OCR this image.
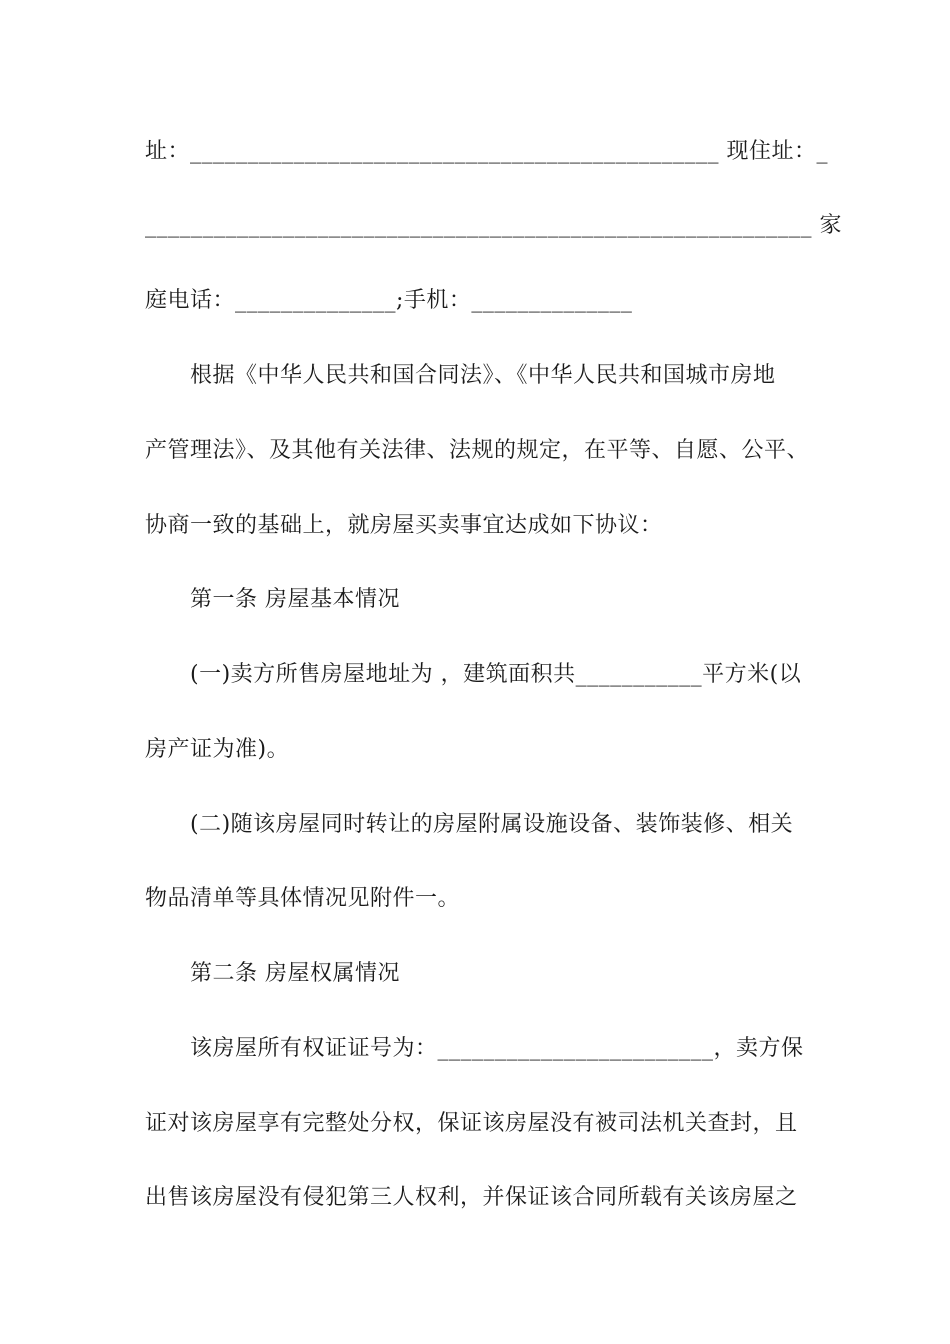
址：______________________________________________ 现住址：_
__________________________________________________________ 家
庭电话：______________;手机：______________
根据《中华人民共和国合同法》、《中华人民共和国城市房地
产管理法》、及其他有关法律、法规的规定，在平等、自愿、公平、
协商一致的基础上，就房屋买卖事宜达成如下协议：
第一条 房屋基本情况
(一)卖方所售房屋地址为 ，建筑面积共___________平方米(以
房产证为准)。
(二)随该房屋同时转让的房屋附属设施设备、装饰装修、相关
物品清单等具体情况见附件一。
第二条 房屋权属情况
该房屋所有权证证号为：________________________，卖方保
证对该房屋享有完整处分权，保证该房屋没有被司法机关查封，且
出售该房屋没有侵犯第三人权利，并保证该合同所载有关该房屋之
